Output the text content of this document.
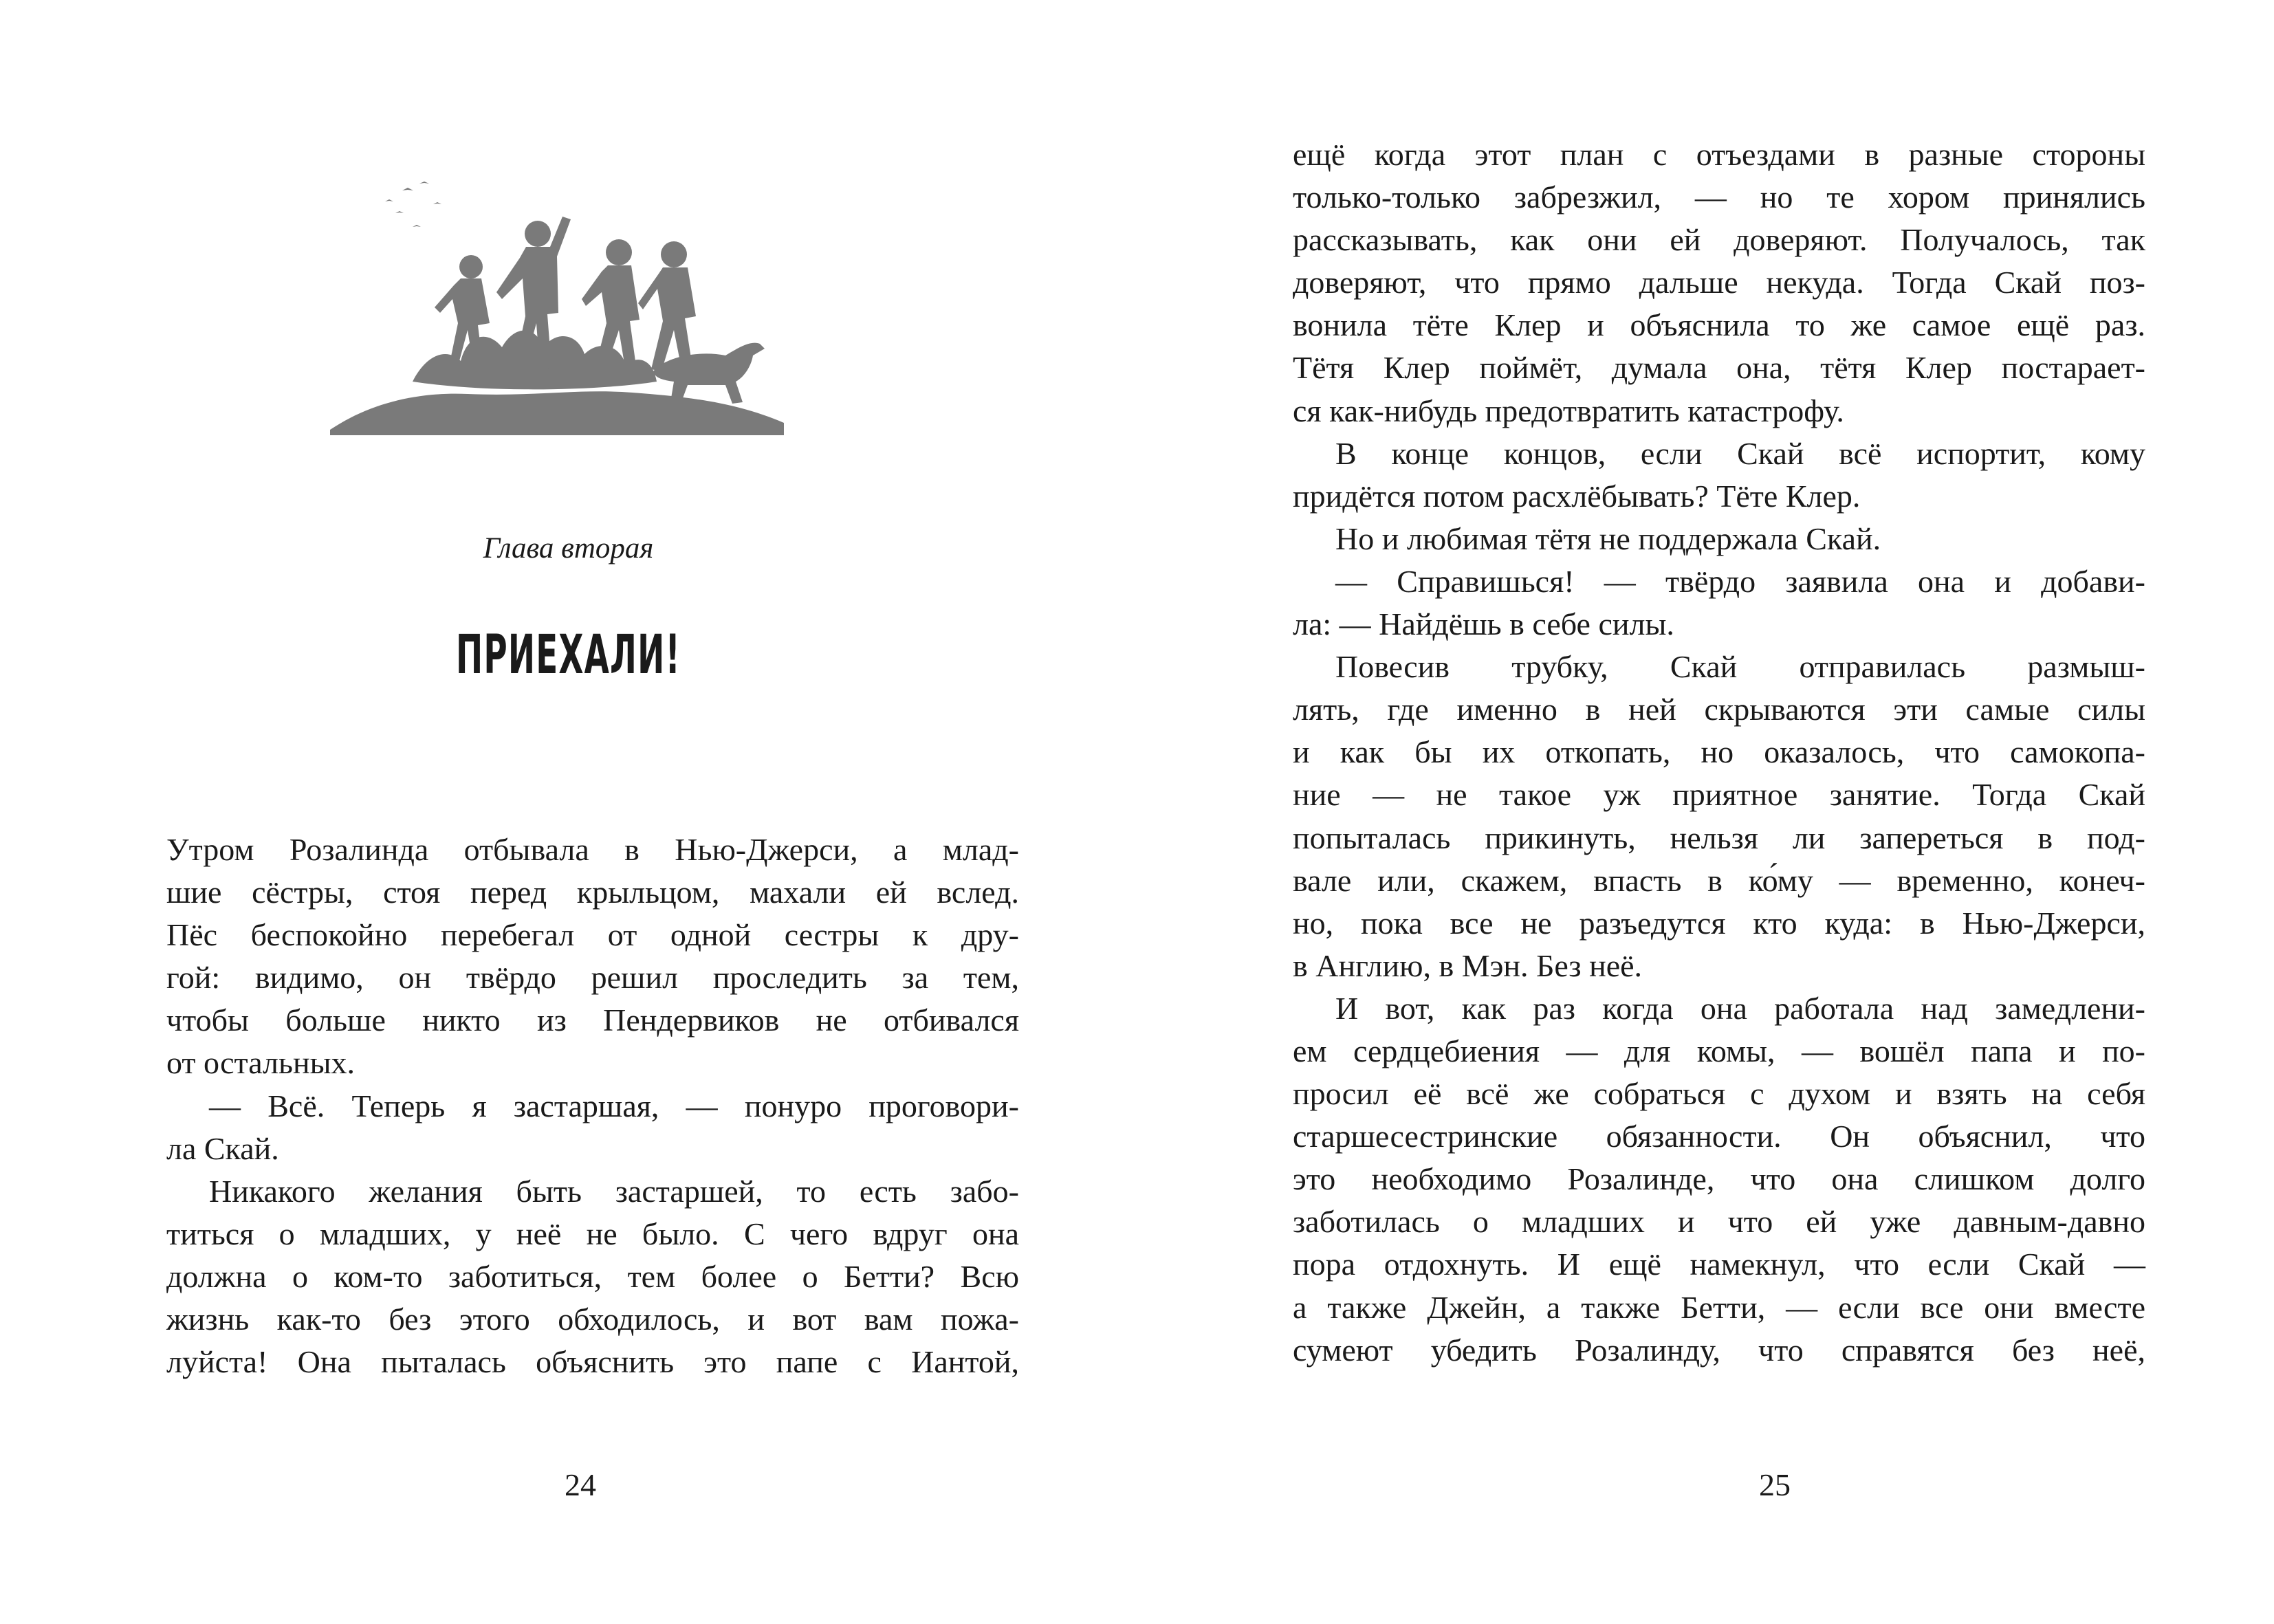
Глава вторая
ПРИЕХАЛИ!
Утром Розалинда отбывала в Нью-Джерси, а млад-
шие сёстры, стоя перед крыльцом, махали ей вслед.
Пёс беспокойно перебегал от одной сестры к дру-
гой: видимо, он твёрдо решил проследить за тем,
чтобы больше никто из Пендервиков не отбивался
от остальных.
— Всё. Теперь я застаршая, — понуро проговори-
ла Скай.
Никакого желания быть застаршей, то есть забо-
титься о младших, у неё не было. С чего вдруг она
должна о ком-то заботиться, тем более о Бетти? Всю
жизнь как-то без этого обходилось, и вот вам пожа-
луйста! Она пыталась объяснить это папе с Иантой,
24
ещё когда этот план с отъездами в разные стороны
только-только забрезжил, — но те хором принялись
рассказывать, как они ей доверяют. Получалось, так
доверяют, что прямо дальше некуда. Тогда Скай поз-
вонила тёте Клер и объяснила то же самое ещё раз.
Тётя Клер поймёт, думала она, тётя Клер постарает-
ся как-нибудь предотвратить катастрофу.
В конце концов, если Скай всё испортит, кому
придётся потом расхлёбывать? Тёте Клер.
Но и любимая тётя не поддержала Скай.
— Справишься! — твёрдо заявила она и добави-
ла: — Найдёшь в себе силы.
Повесив трубку, Скай отправилась размыш-
лять, где именно в ней скрываются эти самые силы
и как бы их откопать, но оказалось, что самокопа-
ние — не такое уж приятное занятие. Тогда Скай
попыталась прикинуть, нельзя ли запереться в под-
вале или, скажем, впасть в ко́му — временно, конеч-
но, пока все не разъедутся кто куда: в Нью-Джерси,
в Англию, в Мэн. Без неё.
И вот, как раз когда она работала над замедлени-
ем сердцебиения — для комы, — вошёл папа и по-
просил её всё же собраться с духом и взять на себя
старшесестринские обязанности. Он объяснил, что
это необходимо Розалинде, что она слишком долго
заботилась о младших и что ей уже давным-давно
пора отдохнуть. И ещё намекнул, что если Скай —
а также Джейн, а также Бетти, — если все они вместе
сумеют убедить Розалинду, что справятся без неё,
25
